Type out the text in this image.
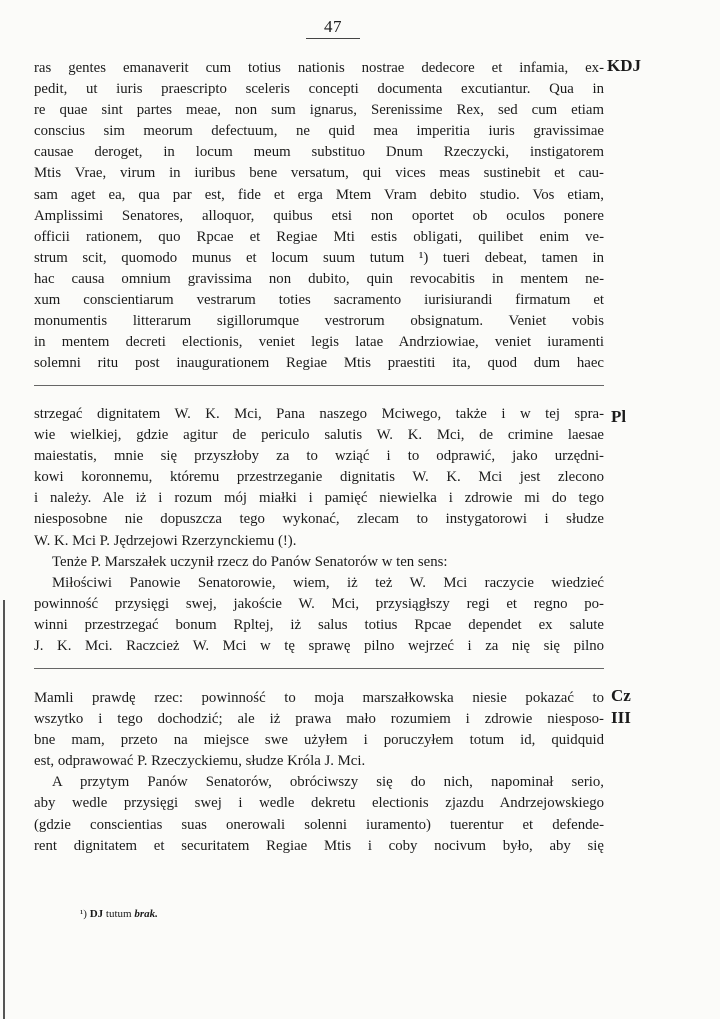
47
KDJ
ras gentes emanaverit cum totius nationis nostrae dedecore et infamia, ex-
pedit, ut iuris praescripto sceleris concepti documenta excutiantur. Qua in
re quae sint partes meae, non sum ignarus, Serenissime Rex, sed cum etiam
conscius sim meorum defectuum, ne quid mea imperitia iuris gravissimae
causae deroget, in locum meum substituo Dnum Rzeczycki, instigatorem
Mtis Vrae, virum in iuribus bene versatum, qui vices meas sustinebit et cau-
sam aget ea, qua par est, fide et erga Mtem Vram debito studio. Vos etiam,
Amplissimi Senatores, alloquor, quibus etsi non oportet ob oculos ponere
officii rationem, quo Rpcae et Regiae Mti estis obligati, quilibet enim ve-
strum scit, quomodo munus et locum suum tutum ¹) tueri debeat, tamen in
hac causa omnium gravissima non dubito, quin revocabitis in mentem ne-
xum conscientiarum vestrarum toties sacramento iurisiurandi firmatum et
monumentis litterarum sigillorumque vestrorum obsignatum. Veniet vobis
in mentem decreti electionis, veniet legis latae Andrziowiae, veniet iuramenti
solemni ritu post inaugurationem Regiae Mtis praestiti ita, quod dum haec
Pl
strzegać dignitatem W. K. Mci, Pana naszego Mciwego, także i w tej spra-
wie wielkiej, gdzie agitur de periculo salutis W. K. Mci, de crimine laesae
maiestatis, mnie się przyszłoby za to wziąć i to odprawić, jako urzędni-
kowi koronnemu, któremu przestrzeganie dignitatis W. K. Mci jest zlecono
i należy. Ale iż i rozum mój miałki i pamięć niewielka i zdrowie mi do tego
niesposobne nie dopuszcza tego wykonać, zlecam to instygatorowi i słudze
W. K. Mci P. Jędrzejowi Rzerzynckiemu (!).
Tenże P. Marszałek uczynił rzecz do Panów Senatorów w ten sens:
Miłościwi Panowie Senatorowie, wiem, iż też W. Mci raczycie wiedzieć
powinność przysięgi swej, jakoście W. Mci, przysiągłszy regi et regno po-
winni przestrzegać bonum Rpltej, iż salus totius Rpcae dependet ex salute
J. K. Mci. Raczcież W. Mci w tę sprawę pilno wejrzeć i za nię się pilno
Cz
III
Mamli prawdę rzec: powinność to moja marszałkowska niesie pokazać to
wszytko i tego dochodzić; ale iż prawa mało rozumiem i zdrowie niesposo-
bne mam, przeto na miejsce swe użyłem i poruczyłem totum id, quidquid
est, odprawować P. Rzeczyckiemu, słudze Króla J. Mci.
A przytym Panów Senatorów, obróciwszy się do nich, napominał serio,
aby wedle przysięgi swej i wedle dekretu electionis zjazdu Andrzejowskiego
(gdzie conscientias suas onerowali solenni iuramento) tuerentur et defende-
rent dignitatem et securitatem Regiae Mtis i coby nocivum było, aby się
¹) DJ tutum brak.
